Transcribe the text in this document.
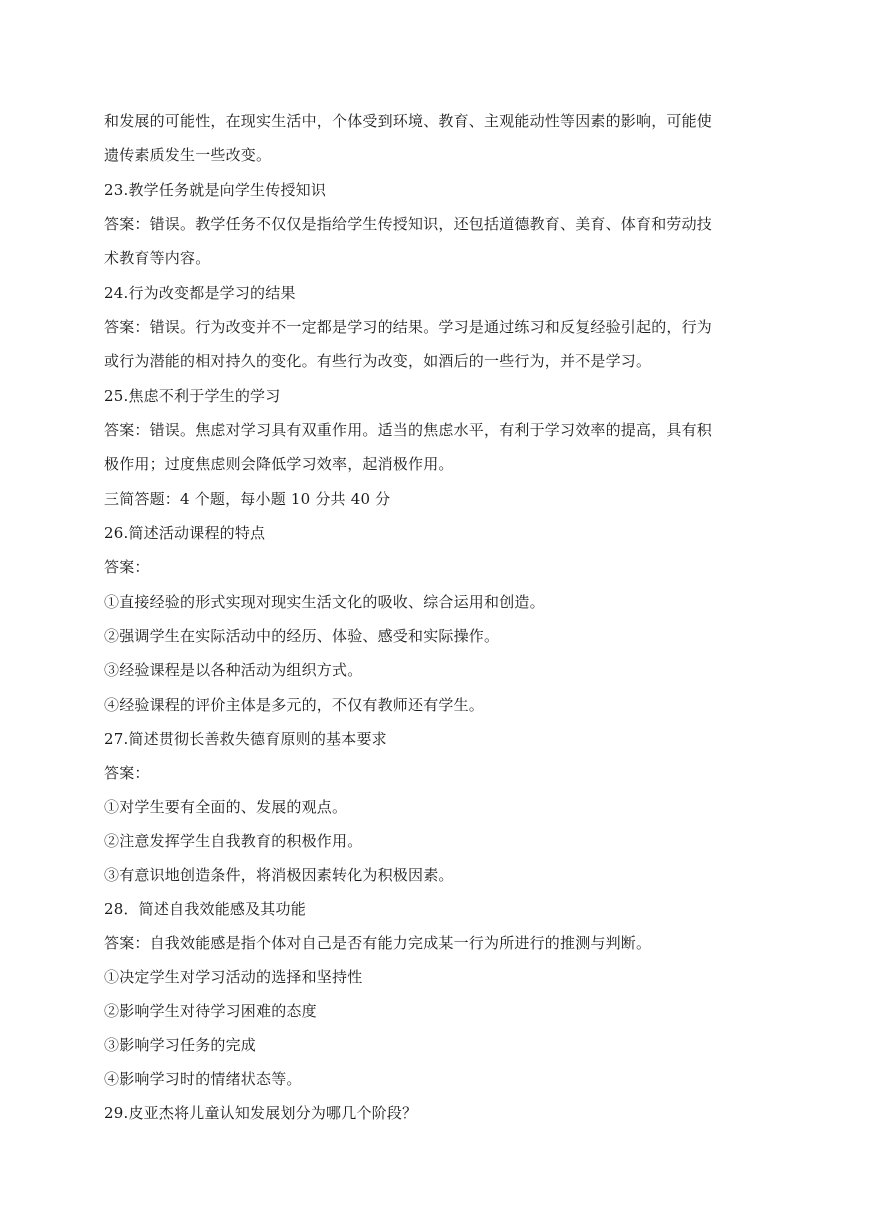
和发展的可能性，在现实生活中，个体受到环境、教育、主观能动性等因素的影响，可能使
遗传素质发生一些改变。
23.教学任务就是向学生传授知识
答案：错误。教学任务不仅仅是指给学生传授知识，还包括道德教育、美育、体育和劳动技
术教育等内容。
24.行为改变都是学习的结果
答案：错误。行为改变并不一定都是学习的结果。学习是通过练习和反复经验引起的，行为
或行为潜能的相对持久的变化。有些行为改变，如酒后的一些行为，并不是学习。
25.焦虑不利于学生的学习
答案：错误。焦虑对学习具有双重作用。适当的焦虑水平，有利于学习效率的提高，具有积
极作用；过度焦虑则会降低学习效率，起消极作用。
三简答题：4 个题，每小题 10 分共 40 分
26.简述活动课程的特点
答案：
①直接经验的形式实现对现实生活文化的吸收、综合运用和创造。
②强调学生在实际活动中的经历、体验、感受和实际操作。
③经验课程是以各种活动为组织方式。
④经验课程的评价主体是多元的，不仅有教师还有学生。
27.简述贯彻长善救失德育原则的基本要求
答案：
①对学生要有全面的、发展的观点。
②注意发挥学生自我教育的积极作用。
③有意识地创造条件，将消极因素转化为积极因素。
28．简述自我效能感及其功能
答案：自我效能感是指个体对自己是否有能力完成某一行为所进行的推测与判断。
①决定学生对学习活动的选择和坚持性
②影响学生对待学习困难的态度
③影响学习任务的完成
④影响学习时的情绪状态等。
29.皮亚杰将儿童认知发展划分为哪几个阶段？
